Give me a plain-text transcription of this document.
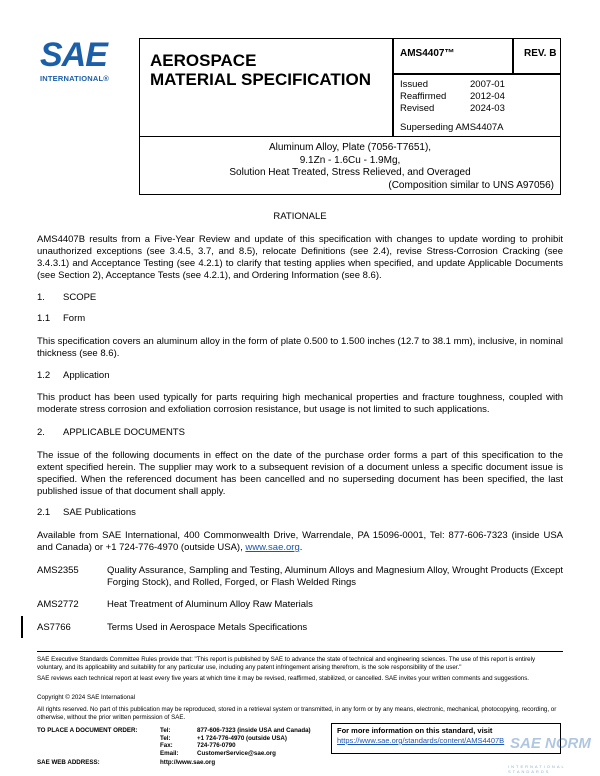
SAE
INTERNATIONAL®
AEROSPACE
MATERIAL SPECIFICATION
AMS4407™	REV. B
Issued	2007-01
Reaffirmed	2012-04
Revised	2024-03
Superseding AMS4407A
Aluminum Alloy, Plate (7056-T7651),
9.1Zn - 1.6Cu - 1.9Mg,
Solution Heat Treated, Stress Relieved, and Overaged
(Composition similar to UNS A97056)
RATIONALE
AMS4407B results from a Five-Year Review and update of this specification with changes to update wording to prohibit unauthorized exceptions (see 3.4.5, 3.7, and 8.5), relocate Definitions (see 2.4), revise Stress-Corrosion Cracking (see 3.4.3.1) and Acceptance Testing (see 4.2.1) to clarify that testing applies when specified, and update Applicable Documents (see Section 2), Acceptance Tests (see 4.2.1), and Ordering Information (see 8.6).
1. SCOPE
1.1 Form
This specification covers an aluminum alloy in the form of plate 0.500 to 1.500 inches (12.7 to 38.1 mm), inclusive, in nominal thickness (see 8.6).
1.2 Application
This product has been used typically for parts requiring high mechanical properties and fracture toughness, coupled with moderate stress corrosion and exfoliation corrosion resistance, but usage is not limited to such applications.
2. APPLICABLE DOCUMENTS
The issue of the following documents in effect on the date of the purchase order forms a part of this specification to the extent specified herein. The supplier may work to a subsequent revision of a document unless a specific document issue is specified. When the referenced document has been cancelled and no superseding document has been specified, the last published issue of that document shall apply.
2.1 SAE Publications
Available from SAE International, 400 Commonwealth Drive, Warrendale, PA 15096-0001, Tel: 877-606-7323 (inside USA and Canada) or +1 724-776-4970 (outside USA), www.sae.org.
AMS2355	Quality Assurance, Sampling and Testing, Aluminum Alloys and Magnesium Alloy, Wrought Products (Except Forging Stock), and Rolled, Forged, or Flash Welded Rings
AMS2772	Heat Treatment of Aluminum Alloy Raw Materials
AS7766	Terms Used in Aerospace Metals Specifications
SAE Executive Standards Committee Rules provide that: "This report is published by SAE to advance the state of technical and engineering sciences. The use of this report is entirely voluntary, and its applicability and suitability for any particular use, including any patent infringement arising therefrom, is the sole responsibility of the user."
SAE reviews each technical report at least every five years at which time it may be revised, reaffirmed, stabilized, or cancelled. SAE invites your written comments and suggestions.
Copyright © 2024 SAE International
All rights reserved. No part of this publication may be reproduced, stored in a retrieval system or transmitted, in any form or by any means, electronic, mechanical, photocopying, recording, or otherwise, without the prior written permission of SAE.
TO PLACE A DOCUMENT ORDER:	Tel:	877-606-7323 (inside USA and Canada)
Tel:	+1 724-776-4970 (outside USA)
Fax:	724-776-0790
Email:	CustomerService@sae.org
SAE WEB ADDRESS:	http://www.sae.org
For more information on this standard, visit
https://www.sae.org/standards/content/AMS4407B SAE NORM
INTERNATIONAL STANDARDS
